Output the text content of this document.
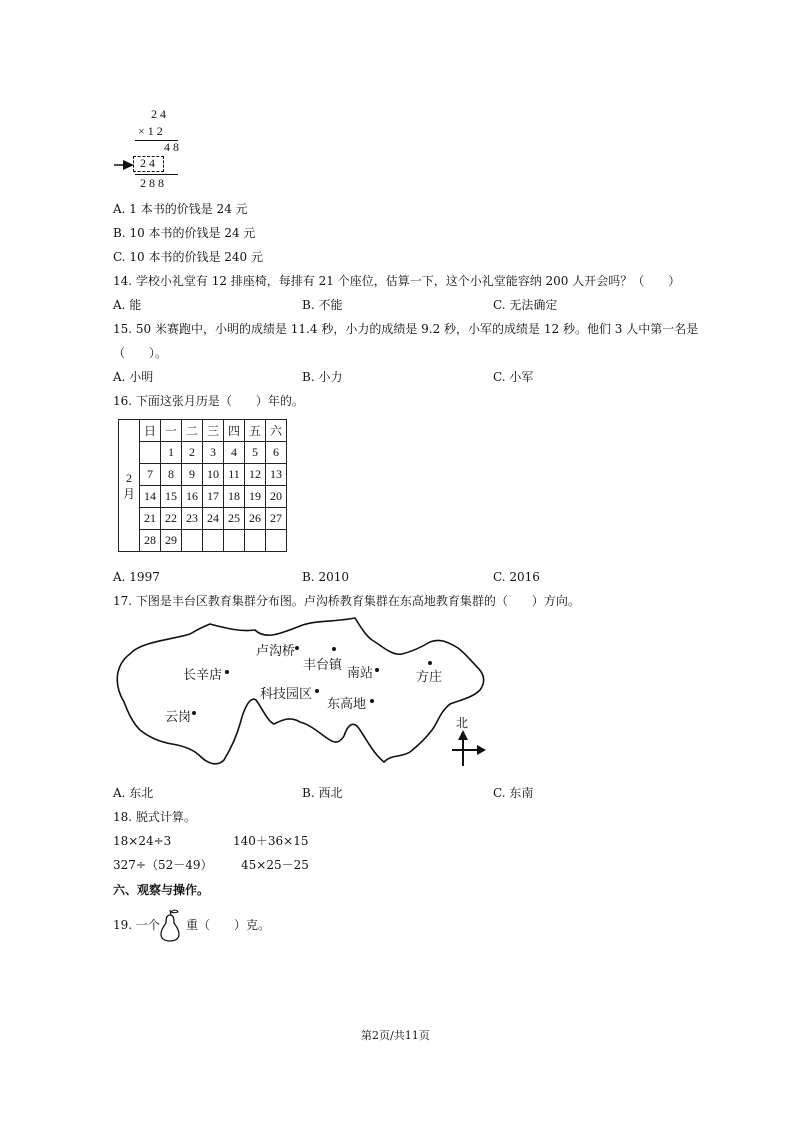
2 4
× 1 2
4 8
2 4
2 8 8
A. 1 本书的价钱是 24 元
B. 10 本书的价钱是 24 元
C. 10 本书的价钱是 240 元
14. 学校小礼堂有 12 排座椅，每排有 21 个座位，估算一下，这个小礼堂能容纳 200 人开会吗？（　　）
A. 能	B. 不能	C. 无法确定
15. 50 米赛跑中，小明的成绩是 11.4 秒，小力的成绩是 9.2 秒，小军的成绩是 12 秒。他们 3 人中第一名是
（　　）。
A. 小明	B. 小力	C. 小军
16. 下面这张月历是（　　）年的。
2月	日	一	二	三	四	五	六
		1	2	3	4	5	6
	7	8	9	10	11	12	13
	14	15	16	17	18	19	20
	21	22	23	24	25	26	27
	28	29					
A. 1997	B. 2010	C. 2016
17. 下图是丰台区教育集群分布图。卢沟桥教育集群在东高地教育集群的（　　）方向。
北
卢沟桥
丰台镇
南站	方庄
长辛店
科技园区
东高地
云岗
A. 东北	B. 西北	C. 东南
18. 脱式计算。
18×24÷3	140＋36×15
327÷（52－49） 45×25－25
六、观察与操作。
19. 一个 重（　　）克。
第2页/共11页
